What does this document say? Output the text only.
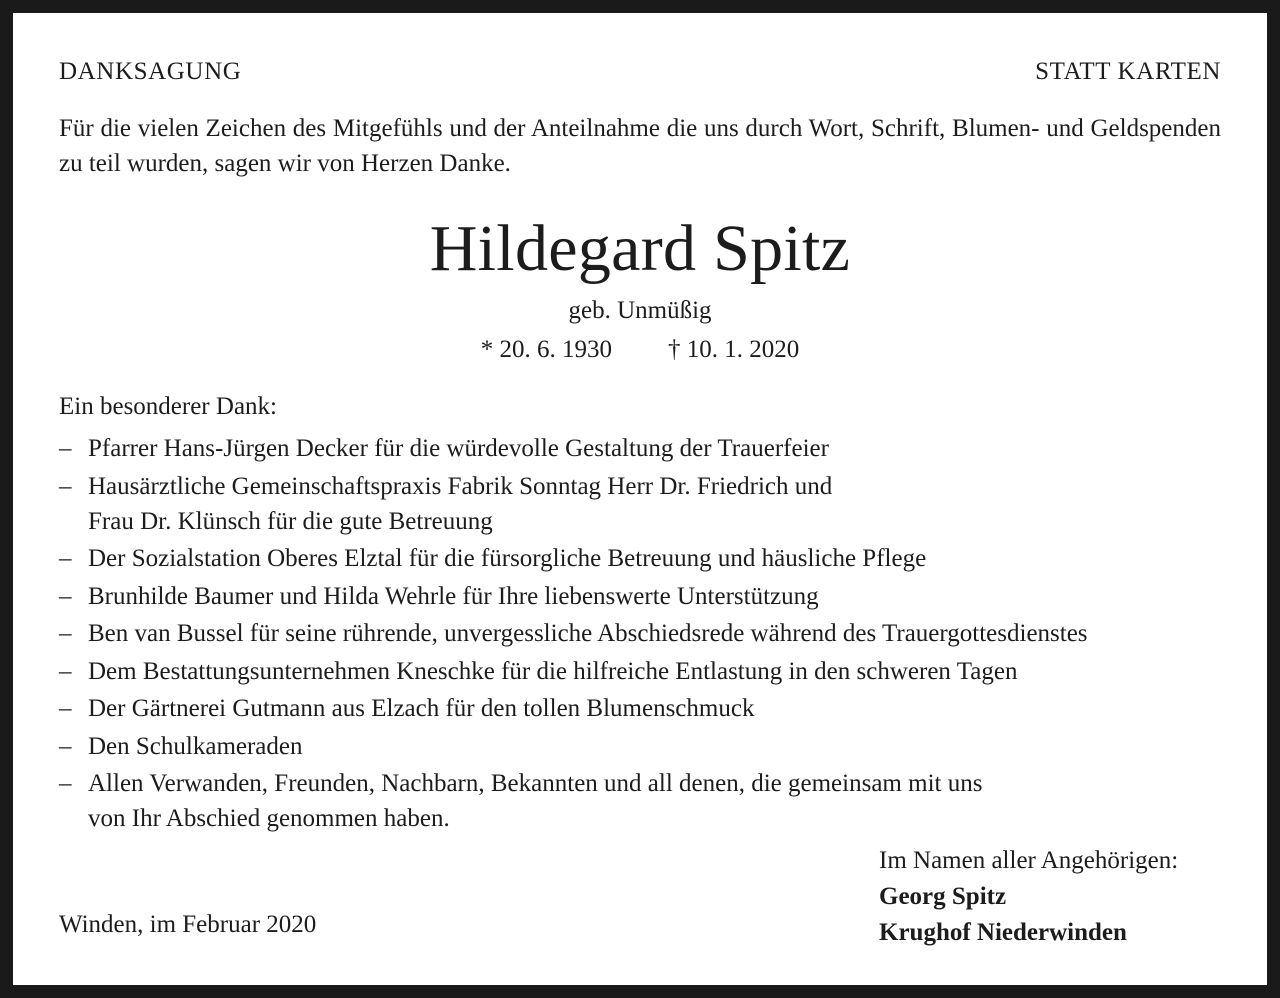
DANKSAGUNG	STATT KARTEN
Für die vielen Zeichen des Mitgefühls und der Anteilnahme die uns durch Wort, Schrift, Blumen- und Geldspenden zu teil wurden, sagen wir von Herzen Danke.
Hildegard Spitz
geb. Unmüßig
* 20. 6. 1930 † 10. 1. 2020
Ein besonderer Dank:
– Pfarrer Hans-Jürgen Decker für die würdevolle Gestaltung der Trauerfeier
– Hausärztliche Gemeinschaftspraxis Fabrik Sonntag Herr Dr. Friedrich und
Frau Dr. Klünsch für die gute Betreuung
– Der Sozialstation Oberes Elztal für die fürsorgliche Betreuung und häusliche Pflege
– Brunhilde Baumer und Hilda Wehrle für Ihre liebenswerte Unterstützung
– Ben van Bussel für seine rührende, unvergessliche Abschiedsrede während des Trauergottesdienstes
– Dem Bestattungsunternehmen Kneschke für die hilfreiche Entlastung in den schweren Tagen
– Der Gärtnerei Gutmann aus Elzach für den tollen Blumenschmuck
– Den Schulkameraden
– Allen Verwanden, Freunden, Nachbarn, Bekannten und all denen, die gemeinsam mit uns
von Ihr Abschied genommen haben.
Im Namen aller Angehörigen:
Georg Spitz
Krughof Niederwinden
Winden, im Februar 2020
